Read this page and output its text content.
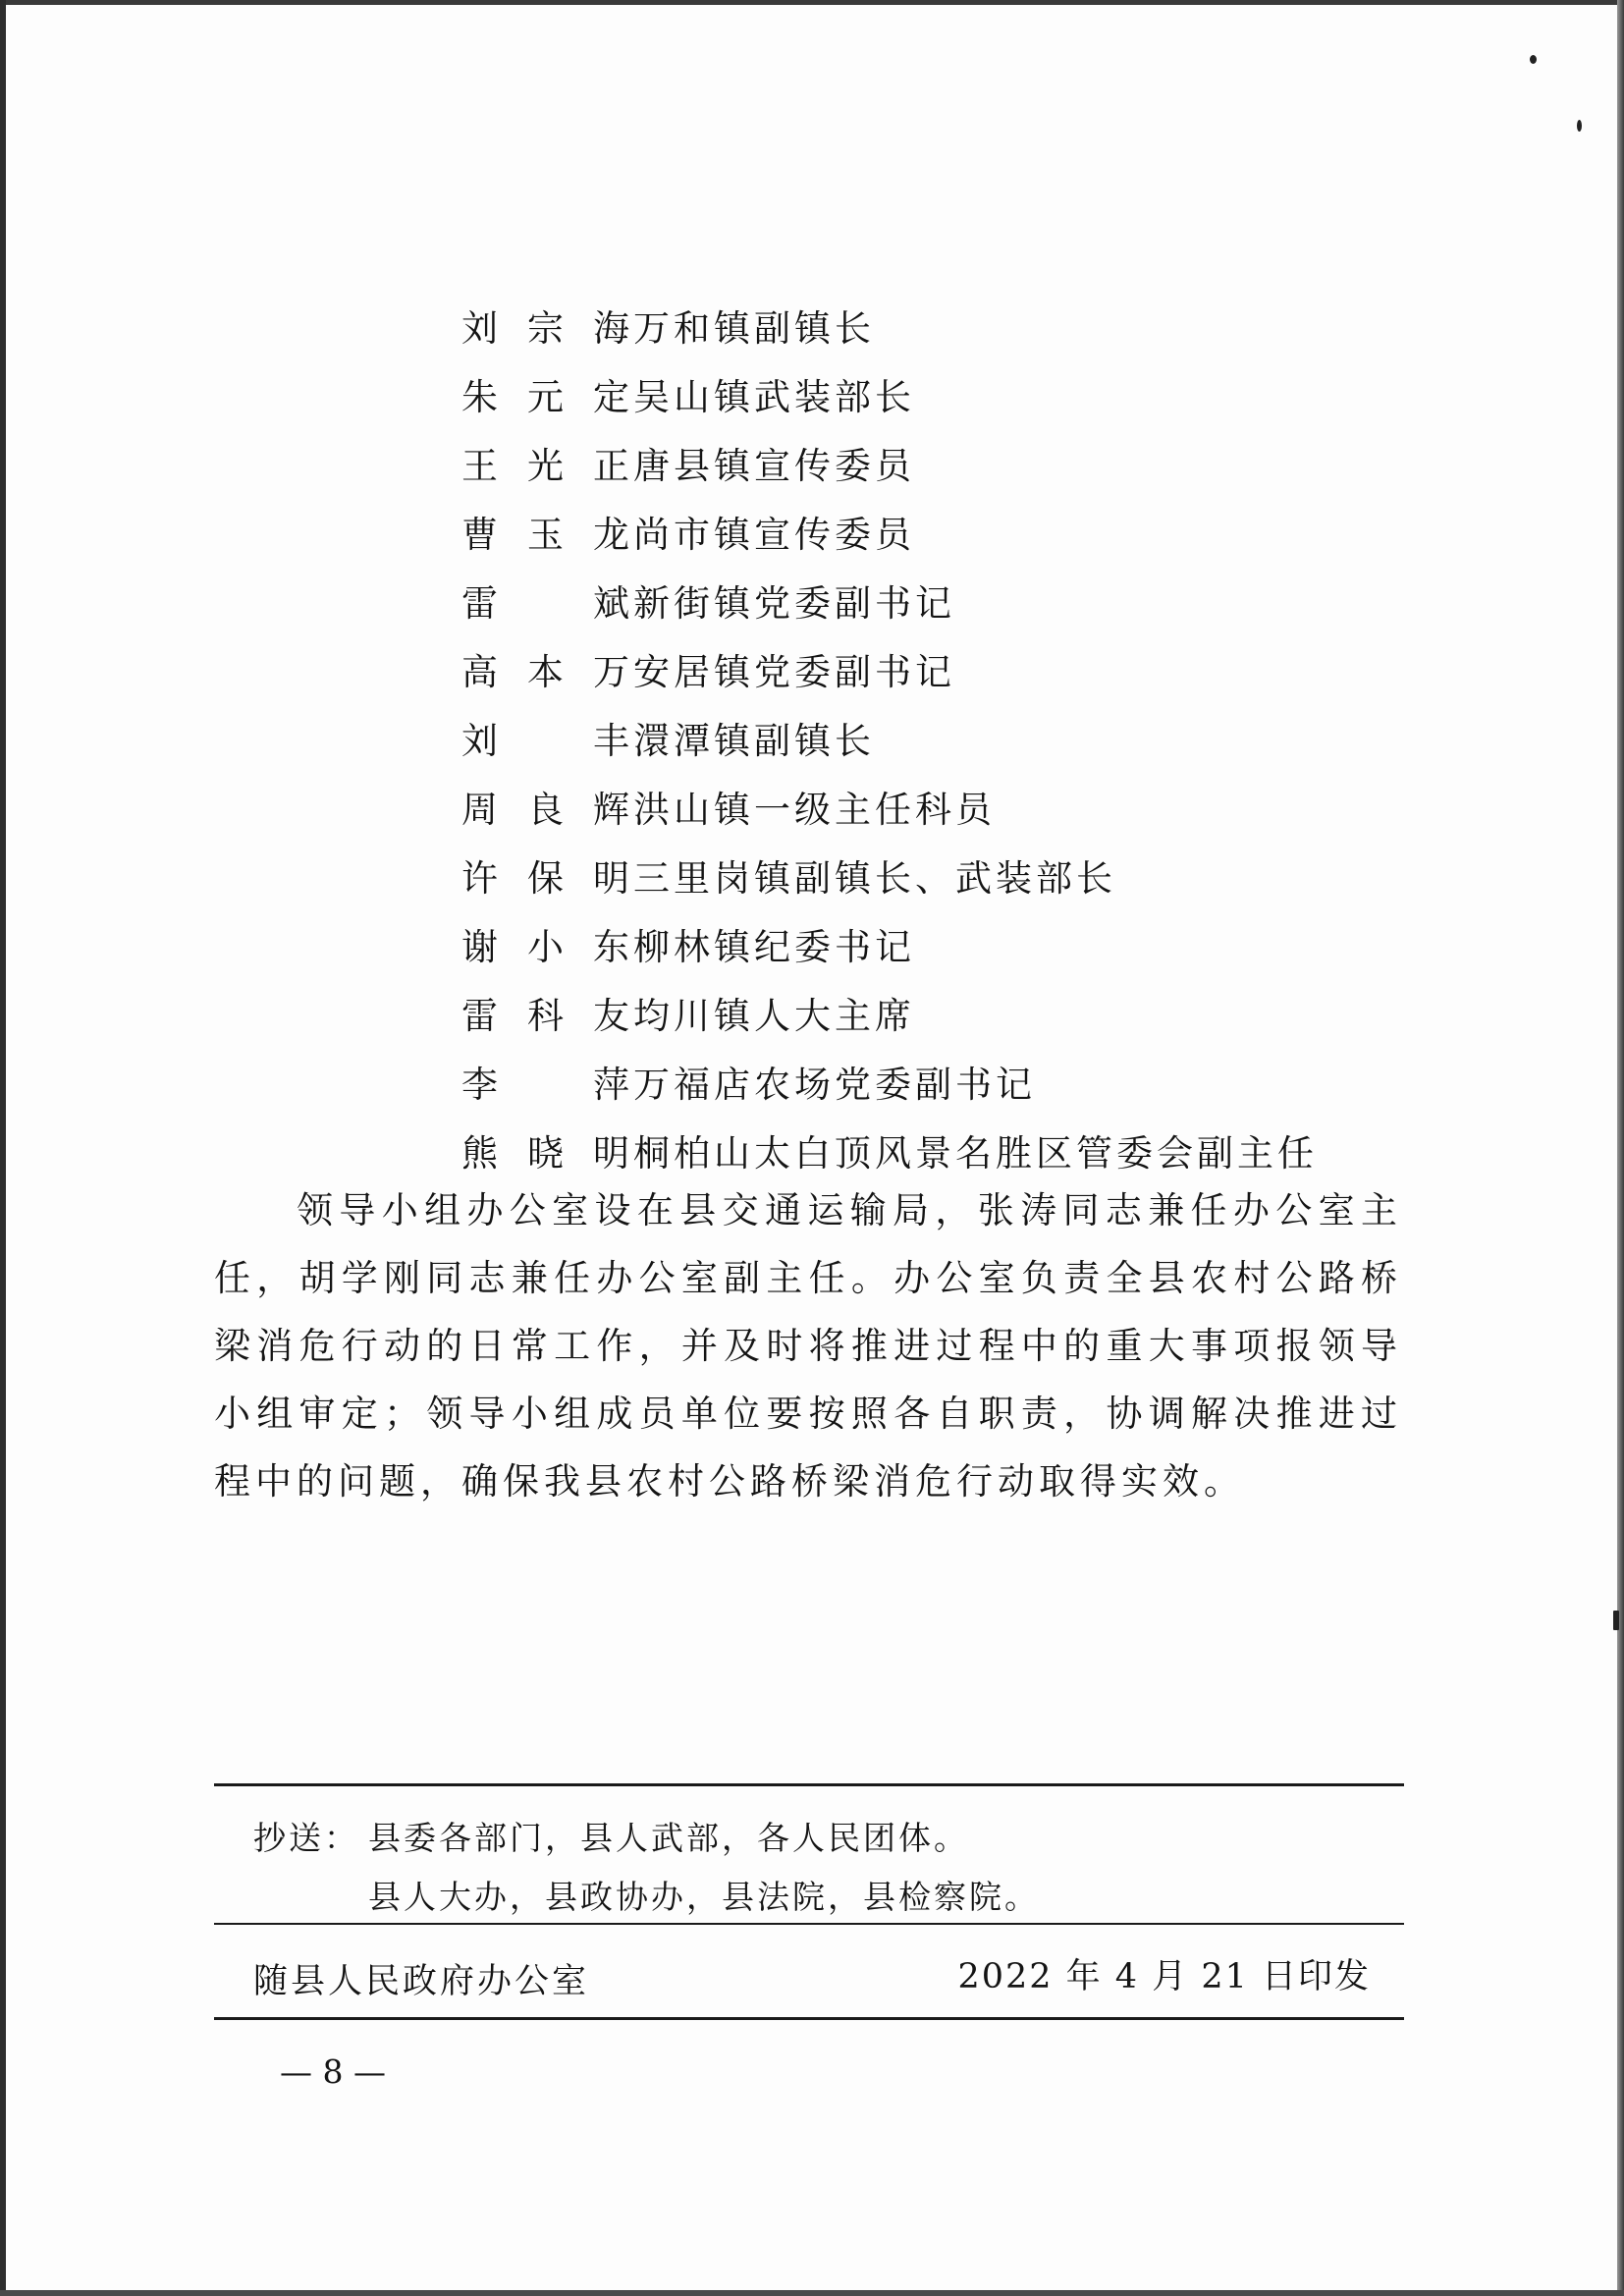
刘宗海 万和镇副镇长
朱元定 吴山镇武装部长
王光正 唐县镇宣传委员
曹玉龙 尚市镇宣传委员
雷斌 新街镇党委副书记
高本万 安居镇党委副书记
刘丰 澴潭镇副镇长
周良辉 洪山镇一级主任科员
许保明 三里岗镇副镇长、武装部长
谢小东 柳林镇纪委书记
雷科友 均川镇人大主席
李萍 万福店农场党委副书记
熊晓明 桐柏山太白顶风景名胜区管委会副主任

领导小组办公室设在县交通运输局，张涛同志兼任办公室主任，胡学刚同志兼任办公室副主任。办公室负责全县农村公路桥梁消危行动的日常工作，并及时将推进过程中的重大事项报领导小组审定；领导小组成员单位要按照各自职责，协调解决推进过程中的问题，确保我县农村公路桥梁消危行动取得实效。

抄送： 县委各部门，县人武部，各人民团体。
县人大办，县政协办，县法院，县检察院。
随县人民政府办公室	2022 年 4 月 21 日印发
— 8 —
